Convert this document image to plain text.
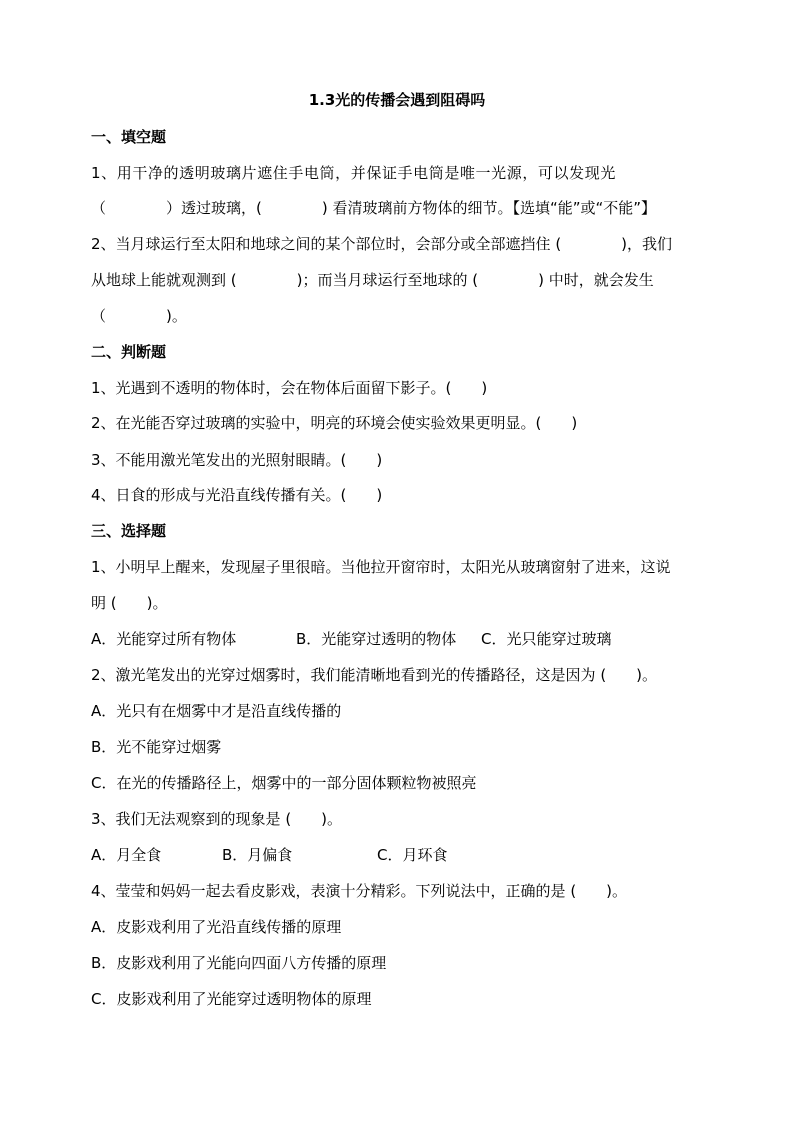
1.3光的传播会遇到阻碍吗
一、填空题
1、用干净的透明玻璃片遮住手电筒，并保证手电筒是唯一光源，可以发现光
（　　　　）透过玻璃，(　　　　) 看清玻璃前方物体的细节。【选填“能”或“不能”】
2、当月球运行至太阳和地球之间的某个部位时，会部分或全部遮挡住 (　　　　)，我们
从地球上能就观测到 (　　　　)；而当月球运行至地球的 (　　　　) 中时，就会发生
（　　　　)。
二、判断题
1、光遇到不透明的物体时，会在物体后面留下影子。(　　)
2、在光能否穿过玻璃的实验中，明亮的环境会使实验效果更明显。(　　)
3、不能用激光笔发出的光照射眼睛。(　　)
4、日食的形成与光沿直线传播有关。(　　)
三、选择题
1、小明早上醒来，发现屋子里很暗。当他拉开窗帘时，太阳光从玻璃窗射了进来，这说
明 (　　)。
A．光能穿过所有物体	B．光能穿过透明的物体 C．光只能穿过玻璃
2、激光笔发出的光穿过烟雾时，我们能清晰地看到光的传播路径，这是因为 (　　)。
A．光只有在烟雾中才是沿直线传播的
B．光不能穿过烟雾
C．在光的传播路径上，烟雾中的一部分固体颗粒物被照亮
3、我们无法观察到的现象是 (　　)。
A．月全食	B．月偏食	C．月环食
4、莹莹和妈妈一起去看皮影戏，表演十分精彩。下列说法中，正确的是 (　　)。
A．皮影戏利用了光沿直线传播的原理
B．皮影戏利用了光能向四面八方传播的原理
C．皮影戏利用了光能穿过透明物体的原理
